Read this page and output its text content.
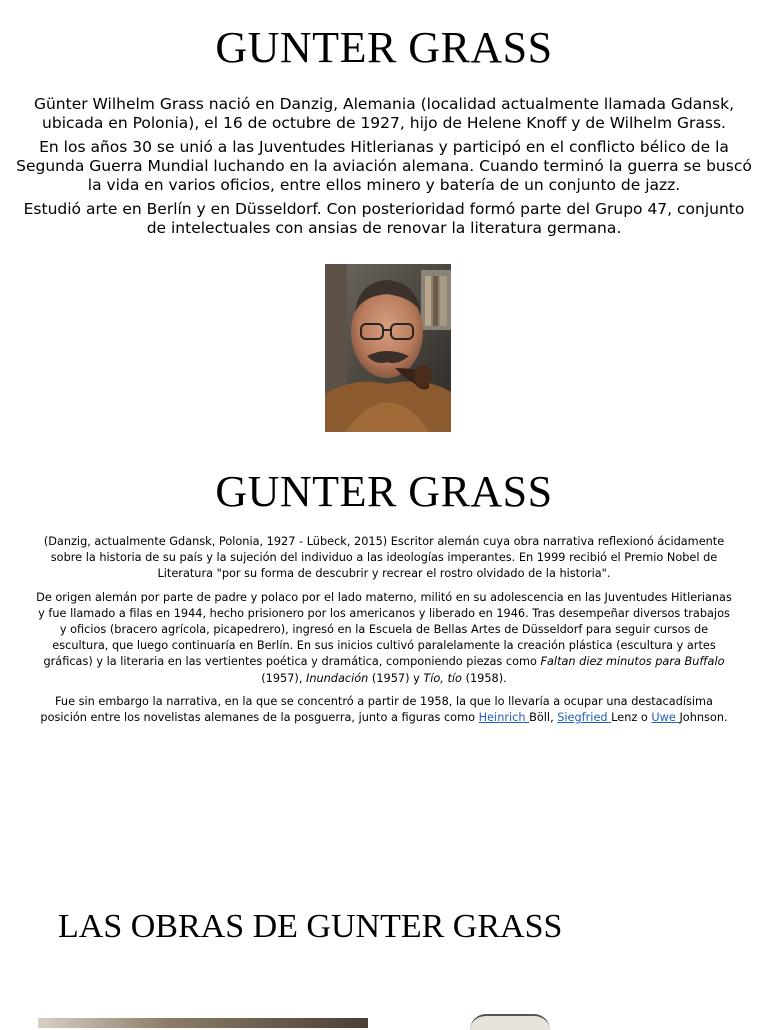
GUNTER GRASS

Günter Wilhelm Grass nació en Danzig, Alemania (localidad actualmente llamada Gdansk, ubicada en Polonia), el 16 de octubre de 1927, hijo de Helene Knoff y de Wilhelm Grass.

En los años 30 se unió a las Juventudes Hitlerianas y participó en el conflicto bélico de la Segunda Guerra Mundial luchando en la aviación alemana. Cuando terminó la guerra se buscó la vida en varios oficios, entre ellos minero y batería de un conjunto de jazz.

Estudió arte en Berlín y en Düsseldorf. Con posterioridad formó parte del Grupo 47, conjunto de intelectuales con ansias de renovar la literatura germana.

GUNTER GRASS

(Danzig, actualmente Gdansk, Polonia, 1927 - Lübeck, 2015) Escritor alemán cuya obra narrativa reflexionó ácidamente sobre la historia de su país y la sujeción del individuo a las ideologías imperantes. En 1999 recibió el Premio Nobel de Literatura "por su forma de descubrir y recrear el rostro olvidado de la historia".

De origen alemán por parte de padre y polaco por el lado materno, militó en su adolescencia en las Juventudes Hitlerianas y fue llamado a filas en 1944, hecho prisionero por los americanos y liberado en 1946. Tras desempeñar diversos trabajos y oficios (bracero agrícola, picapedrero), ingresó en la Escuela de Bellas Artes de Düsseldorf para seguir cursos de escultura, que luego continuaría en Berlín. En sus inicios cultivó paralelamente la creación plástica (escultura y artes gráficas) y la literaria en las vertientes poética y dramática, componiendo piezas como Faltan diez minutos para Buffalo (1957), Inundación (1957) y Tío, tío (1958).

Fue sin embargo la narrativa, en la que se concentró a partir de 1958, la que lo llevaría a ocupar una destacadísima posición entre los novelistas alemanes de la posguerra, junto a figuras como Heinrich Böll, Siegfried Lenz o Uwe Johnson.

LAS OBRAS DE GUNTER GRASS
